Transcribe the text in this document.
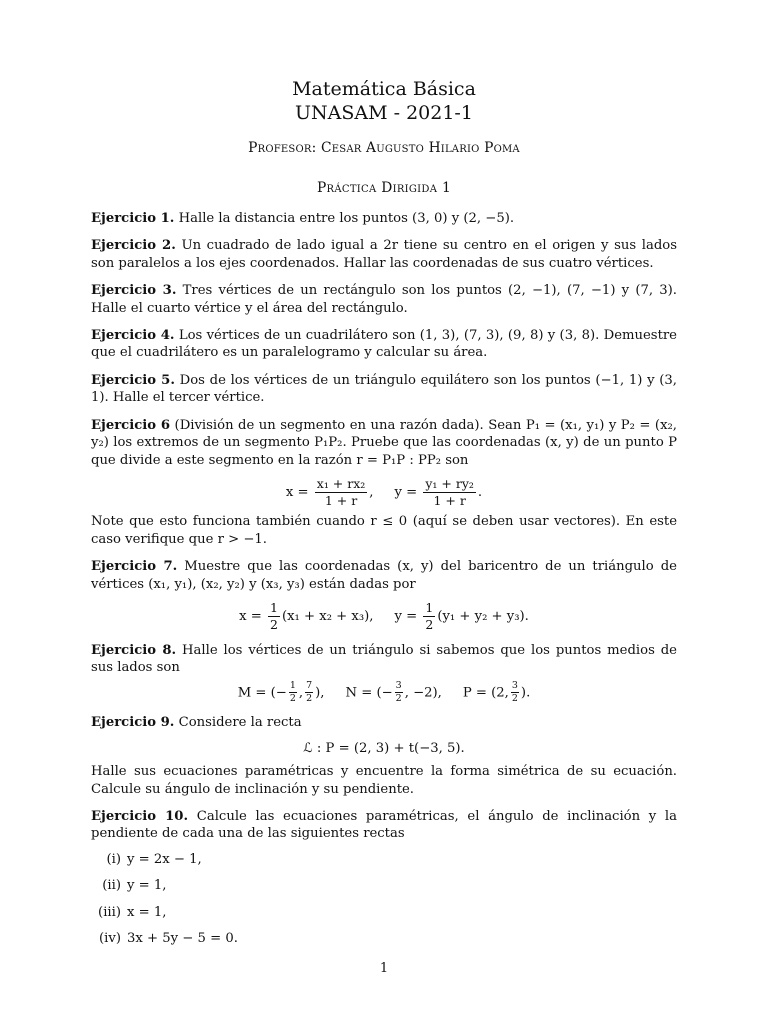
Matemática Básica
UNASAM - 2021-1
Profesor: Cesar Augusto Hilario Poma
Práctica Dirigida 1
Ejercicio 1. Halle la distancia entre los puntos (3, 0) y (2, −5).
Ejercicio 2. Un cuadrado de lado igual a 2r tiene su centro en el origen y sus lados son paralelos a los ejes coordenados. Hallar las coordenadas de sus cuatro vértices.
Ejercicio 3. Tres vértices de un rectángulo son los puntos (2, −1), (7, −1) y (7, 3). Halle el cuarto vértice y el área del rectángulo.
Ejercicio 4. Los vértices de un cuadrilátero son (1, 3), (7, 3), (9, 8) y (3, 8). Demuestre que el cuadrilátero es un paralelogramo y calcular su área.
Ejercicio 5. Dos de los vértices de un triángulo equilátero son los puntos (−1, 1) y (3, 1). Halle el tercer vértice.
Ejercicio 6 (División de un segmento en una razón dada). Sean P₁ = (x₁, y₁) y P₂ = (x₂, y₂) los extremos de un segmento P₁P₂. Pruebe que las coordenadas (x, y) de un punto P que divide a este segmento en la razón r = P₁P : PP₂ son
$x = \frac{\text{x₁ + rx₂}}{1 + r}$ , $y = \frac{\text{y₁ + ry₂}}{1 + r}$ .
Note que esto funciona también cuando r ≤ 0 (aquí se deben usar vectores). En este caso verifique que r > −1.
Ejercicio 7. Muestre que las coordenadas (x, y) del baricentro de un triángulo de vértices (x₁, y₁), (x₂, y₂) y (x₃, y₃) están dadas por
$x = \frac{1}{2} (x_1 + x_2 + x_3)$, $y = \frac{1}{2} (y_1 + y_2 + y_3)$.
Ejercicio 8. Halle los vértices de un triángulo si sabemos que los puntos medios de sus lados son
M = (− $\frac{1}{2}$ , $\frac{7}{2}$ ), N = (− $\frac{3}{2}$ , −2), P = (2, $\frac{3}{2}$ ).
Ejercicio 9. Considere la recta
ℒ : P = (2, 3) + t(−3, 5).
Halle sus ecuaciones paramétricas y encuentre la forma simétrica de su ecuación. Calcule su ángulo de inclinación y su pendiente.
Ejercicio 10. Calcule las ecuaciones paramétricas, el ángulo de inclinación y la pendiente de cada una de las siguientes rectas
(i) y = 2x − 1,
(ii) y = 1,
(iii) x = 1,
(iv) 3x + 5y − 5 = 0.
1
